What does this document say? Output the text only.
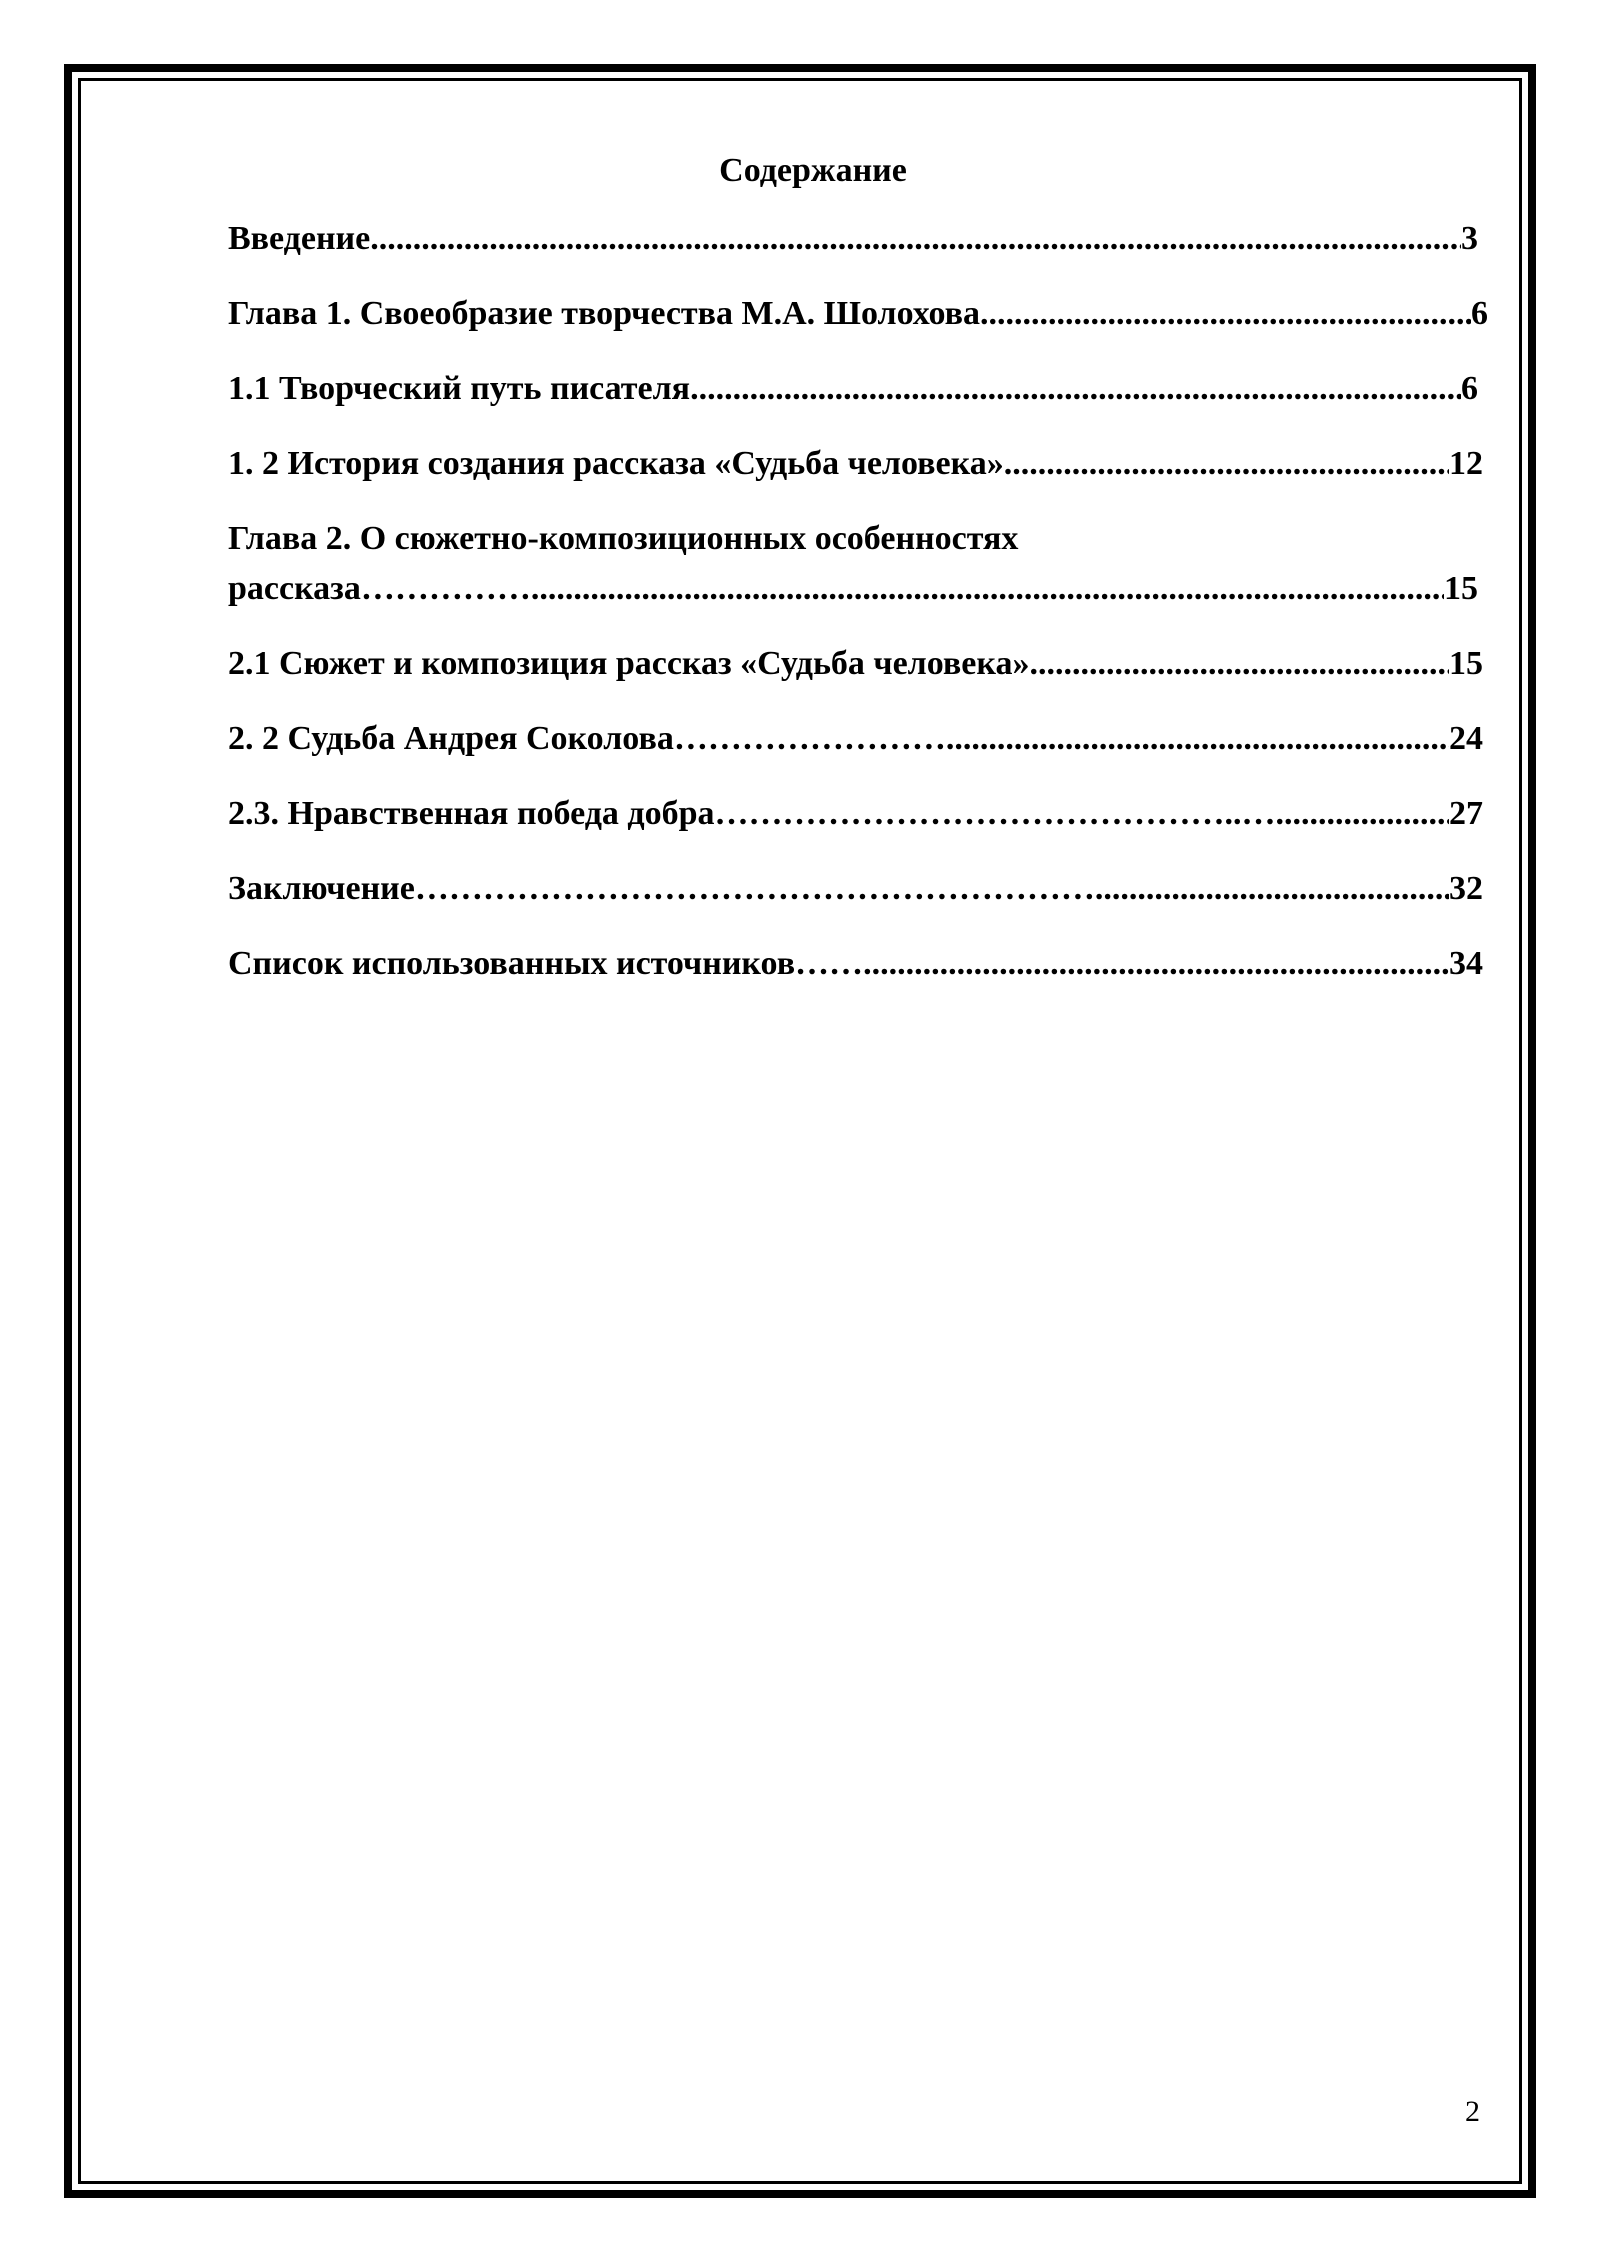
Содержание
Введение .....	3
Глава 1. Своеобразие творчества М.А. Шолохова .....	6
1.1 Творческий путь писателя .....	6
1. 2 История создания рассказа «Судьба человека» .....	12
Глава 2. О сюжетно-композиционных особенностях
рассказа…………… .....	15
2.1 Сюжет и композиция рассказ «Судьба человека» .....	15
2. 2 Судьба Андрея Соколова…………………… .....	24
2.3. Нравственная победа добра………………………………………..… .....	27
Заключение…………………………………………………… .....	32
Список использованных источников…… .....	34
2
